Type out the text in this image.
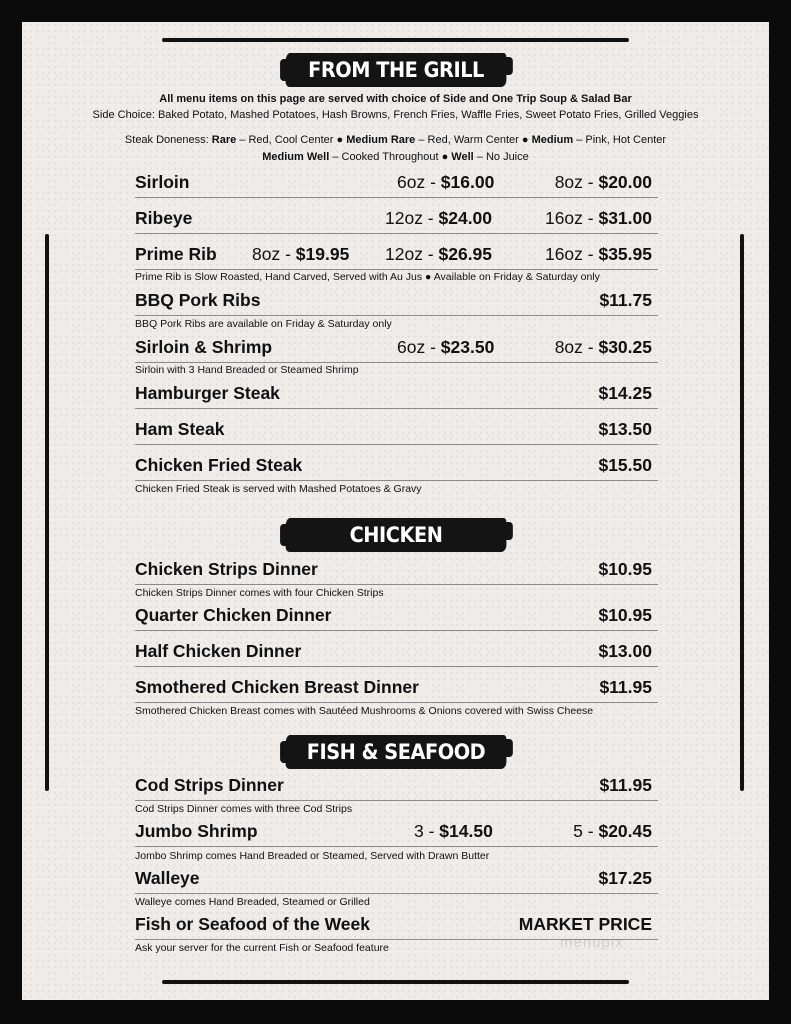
FROM THE GRILL
All menu items on this page are served with choice of Side and One Trip Soup & Salad Bar
Side Choice: Baked Potato, Mashed Potatoes, Hash Browns, French Fries, Waffle Fries, Sweet Potato Fries, Grilled Veggies
Steak Doneness: Rare – Red, Cool Center ● Medium Rare – Red, Warm Center ● Medium – Pink, Hot Center
Medium Well – Cooked Throughout ● Well – No Juice
Sirloin	6oz - $16.00	8oz - $20.00
Ribeye	12oz - $24.00	16oz - $31.00
Prime Rib 8oz - $19.95 12oz - $26.95	16oz - $35.95
Prime Rib is Slow Roasted, Hand Carved, Served with Au Jus ● Available on Friday & Saturday only
BBQ Pork Ribs	$11.75
BBQ Pork Ribs are available on Friday & Saturday only
Sirloin & Shrimp	6oz - $23.50	8oz - $30.25
Sirloin with 3 Hand Breaded or Steamed Shrimp
Hamburger Steak	$14.25
Ham Steak	$13.50
Chicken Fried Steak	$15.50
Chicken Fried Steak is served with Mashed Potatoes & Gravy
CHICKEN
Chicken Strips Dinner	$10.95
Chicken Strips Dinner comes with four Chicken Strips
Quarter Chicken Dinner	$10.95
Half Chicken Dinner	$13.00
Smothered Chicken Breast Dinner	$11.95
Smothered Chicken Breast comes with Sautéed Mushrooms & Onions covered with Swiss Cheese
FISH & SEAFOOD
Cod Strips Dinner	$11.95
Cod Strips Dinner comes with three Cod Strips
Jumbo Shrimp	3 - $14.50	5 - $20.45
Jombo Shrimp comes Hand Breaded or Steamed, Served with Drawn Butter
Walleye	$17.25
Walleye comes Hand Breaded, Steamed or Grilled
Fish or Seafood of the Week	MARKET PRICE
Ask your server for the current Fish or Seafood feature	menupix
